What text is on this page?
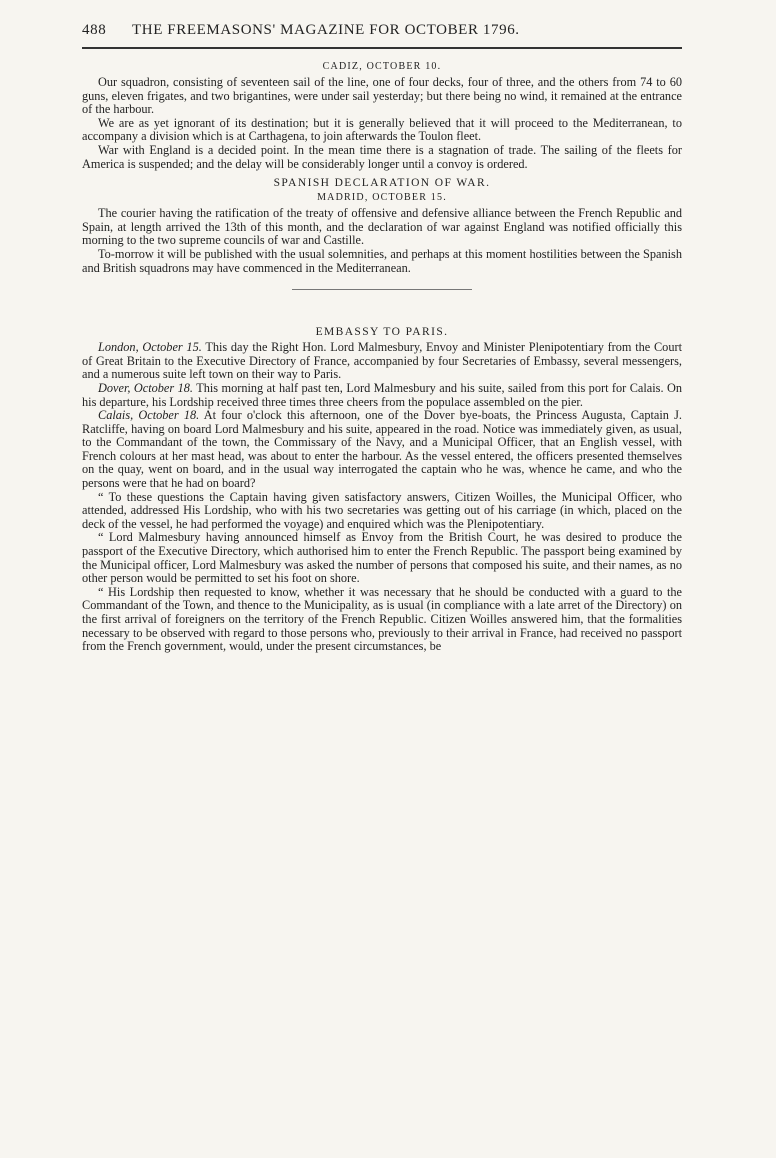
488	THE FREEMASONS' MAGAZINE FOR OCTOBER 1796.
CADIZ, OCTOBER 10.

Our squadron, consisting of seventeen sail of the line, one of four decks, four of three, and the others from 74 to 60 guns, eleven frigates, and two brigantines, were under sail yesterday; but there being no wind, it remained at the entrance of the harbour.

We are as yet ignorant of its destination; but it is generally believed that it will proceed to the Mediterranean, to accompany a division which is at Carthagena, to join afterwards the Toulon fleet.

War with England is a decided point. In the mean time there is a stagnation of trade. The sailing of the fleets for America is suspended; and the delay will be considerably longer until a convoy is ordered.

SPANISH DECLARATION OF WAR.
MADRID, OCTOBER 15.

The courier having the ratification of the treaty of offensive and defensive alliance between the French Republic and Spain, at length arrived the 13th of this month, and the declaration of war against England was notified officially this morning to the two supreme councils of war and Castille.

To-morrow it will be published with the usual solemnities, and perhaps at this moment hostilities between the Spanish and British squadrons may have commenced in the Mediterranean.

EMBASSY TO PARIS.

London, October 15. This day the Right Hon. Lord Malmesbury, Envoy and Minister Plenipotentiary from the Court of Great Britain to the Executive Directory of France, accompanied by four Secretaries of Embassy, several messengers, and a numerous suite left town on their way to Paris.

Dover, October 18. This morning at half past ten, Lord Malmesbury and his suite, sailed from this port for Calais. On his departure, his Lordship received three times three cheers from the populace assembled on the pier.

Calais, October 18. At four o'clock this afternoon, one of the Dover bye-boats, the Princess Augusta, Captain J. Ratcliffe, having on board Lord Malmesbury and his suite, appeared in the road. Notice was immediately given, as usual, to the Commandant of the town, the Commissary of the Navy, and a Municipal Officer, that an English vessel, with French colours at her mast head, was about to enter the harbour. As the vessel entered, the officers presented themselves on the quay, went on board, and in the usual way interrogated the captain who he was, whence he came, and who the persons were that he had on board?

“ To these questions the Captain having given satisfactory answers, Citizen Woilles, the Municipal Officer, who attended, addressed His Lordship, who with his two secretaries was getting out of his carriage (in which, placed on the deck of the vessel, he had performed the voyage) and enquired which was the Plenipotentiary.

“ Lord Malmesbury having announced himself as Envoy from the British Court, he was desired to produce the passport of the Executive Directory, which authorised him to enter the French Republic. The passport being examined by the Municipal officer, Lord Malmesbury was asked the number of persons that composed his suite, and their names, as no other person would be permitted to set his foot on shore.

“ His Lordship then requested to know, whether it was necessary that he should be conducted with a guard to the Commandant of the Town, and thence to the Municipality, as is usual (in compliance with a late arret of the Directory) on the first arrival of foreigners on the territory of the French Republic. Citizen Woilles answered him, that the formalities necessary to be observed with regard to those persons who, previously to their arrival in France, had received no passport from the French government, would, under the present circumstances, be
